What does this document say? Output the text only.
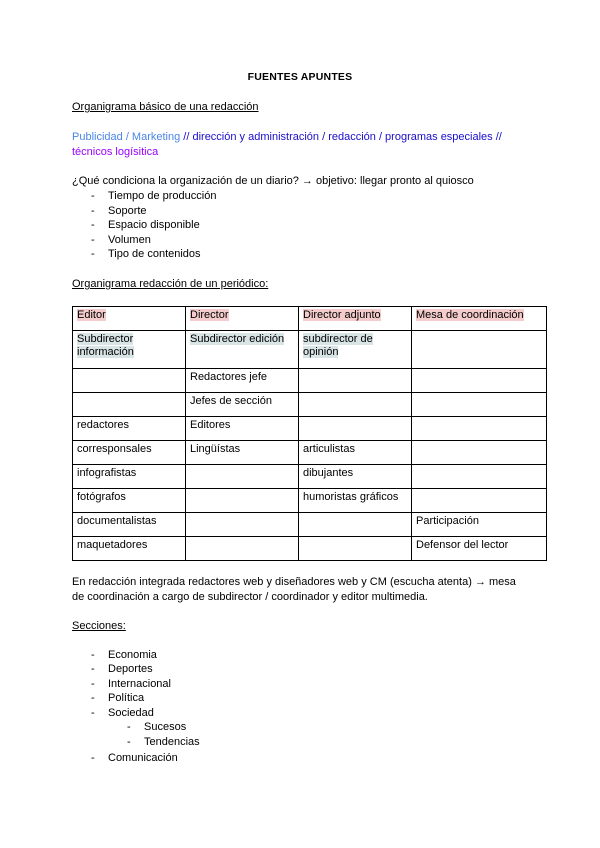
FUENTES APUNTES
Organigrama básico de una redacción
Publicidad / Marketing // dirección y administración / redacción / programas especiales //
técnicos logísitica
¿Qué condiciona la organización de un diario? → objetivo: llegar pronto al quiosco
- Tiempo de producción
- Soporte
- Espacio disponible
- Volumen
- Tipo de contenidos
Organigrama redacción de un periódico:
Editor	Director	Director adjunto	Mesa de coordinación
Subdirector información	Subdirector edición	subdirector de opinión	
	Redactores jefe		
	Jefes de sección		
redactores	Editores		
corresponsales	Lingüístas	articulistas	
infografistas		dibujantes	
fotógrafos		humoristas gráficos	
documentalistas			Participación
maquetadores			Defensor del lector
En redacción integrada redactores web y diseñadores web y CM (escucha atenta) → mesa
de coordinación a cargo de subdirector / coordinador y editor multimedia.
Secciones:
- Economia
- Deportes
- Internacional
- Política
- Sociedad
- Sucesos
- Tendencias
- Comunicación
